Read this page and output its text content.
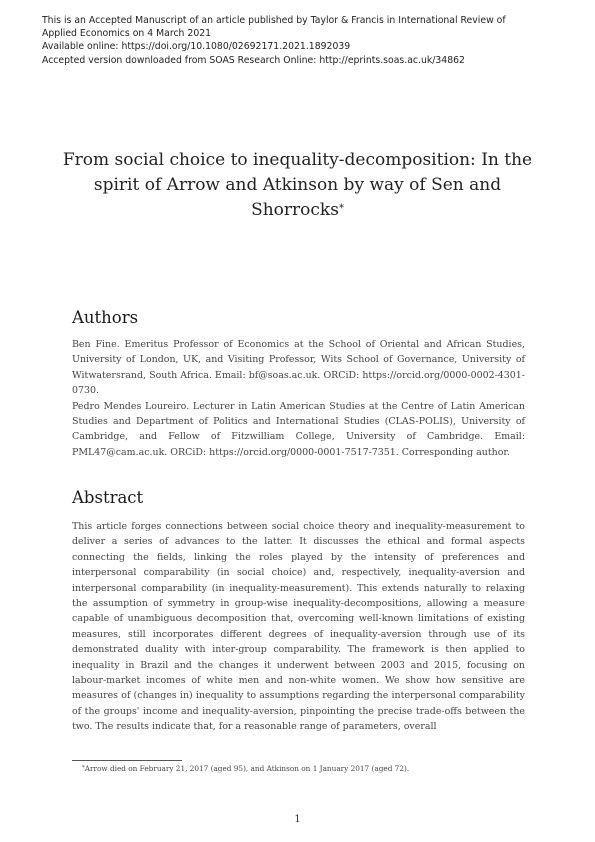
This is an Accepted Manuscript of an article published by Taylor & Francis in International Review of
Applied Economics on 4 March 2021
Available online: https://doi.org/10.1080/02692171.2021.1892039
Accepted version downloaded from SOAS Research Online: http://eprints.soas.ac.uk/34862
From social choice to inequality-decomposition: In the spirit of Arrow and Atkinson by way of Sen and Shorrocks*
Authors

Ben Fine. Emeritus Professor of Economics at the School of Oriental and African Studies, University of London, UK, and Visiting Professor, Wits School of Governance, University of Witwatersrand, South Africa. Email: bf@soas.ac.uk. ORCiD: https://orcid.org/0000-0002-4301-0730.

Pedro Mendes Loureiro. Lecturer in Latin American Studies at the Centre of Latin American Studies and Department of Politics and International Studies (CLAS-POLIS), University of Cambridge, and Fellow of Fitzwilliam College, University of Cambridge. Email: PML47@cam.ac.uk. ORCiD: https://orcid.org/0000-0001-7517-7351. Corresponding author.

Abstract

This article forges connections between social choice theory and inequality-measurement to deliver a series of advances to the latter. It discusses the ethical and formal aspects connecting the fields, linking the roles played by the intensity of preferences and interpersonal comparability (in social choice) and, respectively, inequality-aversion and interpersonal comparability (in inequality-measurement). This extends naturally to relaxing the assumption of symmetry in group-wise inequality-decompositions, allowing a measure capable of unambiguous decomposition that, overcoming well-known limitations of existing measures, still incorporates different degrees of inequality-aversion through use of its demonstrated duality with inter-group comparability. The framework is then applied to inequality in Brazil and the changes it underwent between 2003 and 2015, focusing on labour-market incomes of white men and non-white women. We show how sensitive are measures of (changes in) inequality to assumptions regarding the interpersonal comparability of the groups' income and inequality-aversion, pinpointing the precise trade-offs between the two. The results indicate that, for a reasonable range of parameters, overall

*Arrow died on February 21, 2017 (aged 95), and Atkinson on 1 January 2017 (aged 72).
1
